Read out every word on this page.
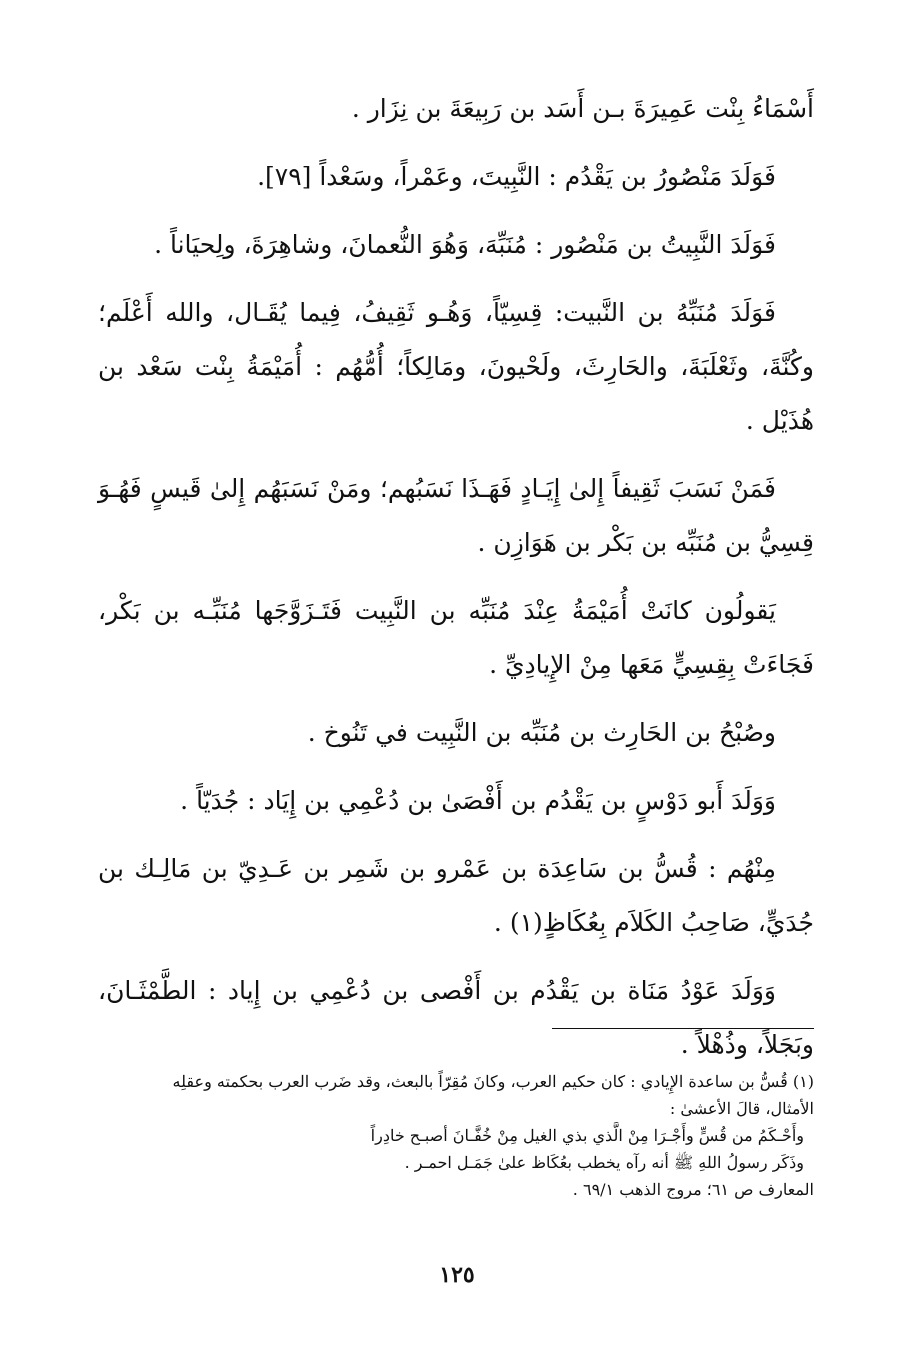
أَسْمَاءُ بِنْت عَمِيرَةَ بـن أَسَد بن رَبِيعَةَ بن نِزَار .

فَوَلَدَ مَنْصُورُ بن يَقْدُم : النَّبِيتَ، وعَمْراً، وسَعْداً [٧٩].

فَوَلَدَ النَّبِيتُ بن مَنْصُور : مُنَبِّهَ، وَهُوَ النُّعمانَ، وشاهِرَةَ، ولِحيَاناً .

فَوَلَدَ مُنَبِّهُ بن النَّبيت: قِسِيّاً، وَهُـو ثَقِيفُ، فِيما يُقَـال، والله أَعْلَم؛ وكُنَّةَ، وثَعْلَبَةَ، والحَارِثَ، ولَحْيونَ، ومَالِكاً؛ أُمُّهُم : أُمَيْمَةُ بِنْت سَعْد بن هُذَيْل .

فَمَنْ نَسَبَ ثَقِيفاً إِلىٰ إِيَـادٍ فَهَـذَا نَسَبُهم؛ ومَنْ نَسَبَهُم إِلىٰ قَيسٍ فَهُـوَ قِسِيُّ بن مُنَبِّه بن بَكْر بن هَوَازِن .

يَقولُون كانَتْ أُمَيْمَةُ عِنْدَ مُنَبِّه بن النَّبِيت فَتَـزَوَّجَها مُنَبِّـه بن بَكْر، فَجَاءَتْ بِقِسِيٍّ مَعَها مِنْ الإِيادِيِّ .

وصُبْحُ بن الحَارِث بن مُنَبِّه بن النَّبِيت في تَنُوخ .

وَوَلَدَ أَبو دَوْسٍ بن يَقْدُم بن أَفْصَىٰ بن دُعْمِي بن إِيَاد : جُدَيّاً .

مِنْهُم : قُسُّ بن سَاعِدَة بن عَمْرو بن شَمِر بن عَـدِيّ بن مَالِـك بن جُدَيٍّ، صَاحِبُ الكَلاَم بِعُكَاظٍ(١) .

وَوَلَدَ عَوْدُ مَنَاة بن يَقْدُم بن أَفْصى بن دُعْمِي بن إِياد : الطَّمْثَـانَ، وبَجَلاً، وذُهْلاً .

(١) قُسُّ بن ساعدة الإِيادي : كان حكيم العرب، وكانَ مُقِرّاً بالبعث، وقد ضَرب العرب بحكمته وعقلِه

الأمثال، قالَ الأعشىٰ :

وأَحْـكَمُ من قُسٍّ وأَجْـرَا مِنْ الَّذي بذي الغيل مِنْ خُفَّـانَ أصبـح خادِراً

وذَكَر رسولُ اللهِ ﷺ أنه رآه يخطب بعُكَاظ علىٰ جَمَـل احمـر .

المعارف ص ٦١؛ مروج الذهب ٦٩/١ .

١٢٥
